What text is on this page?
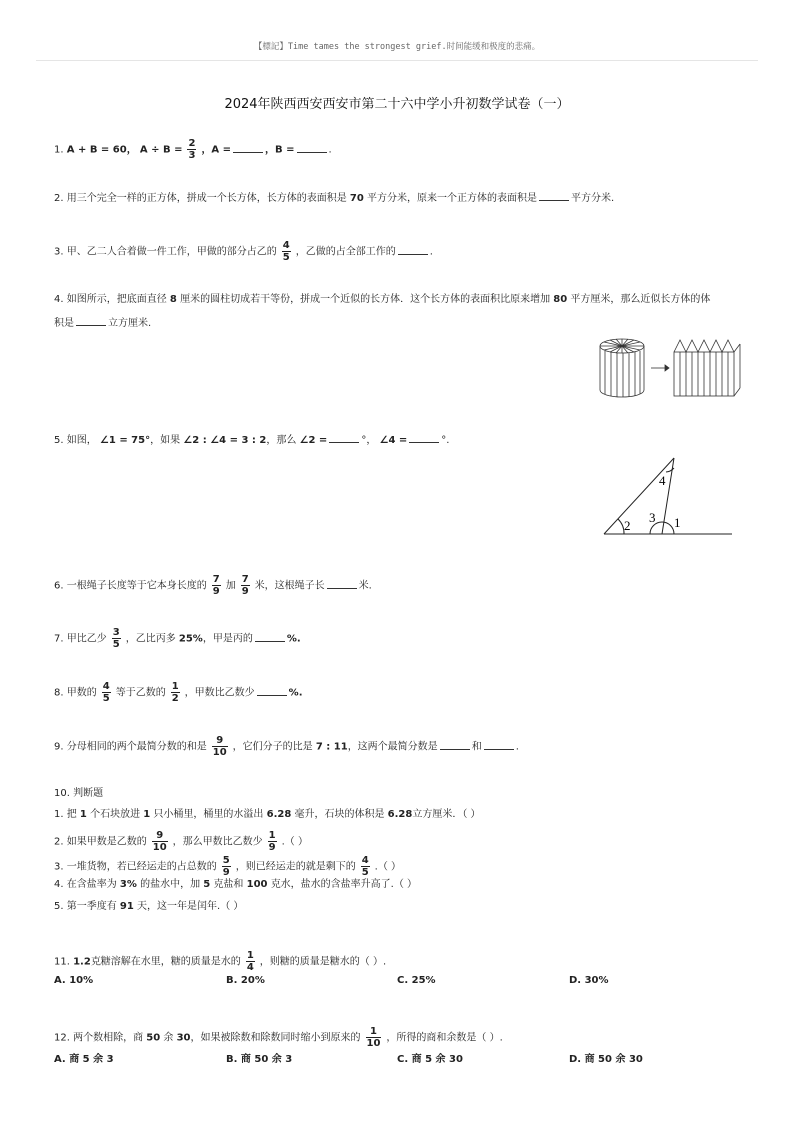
【標記】Time tames the strongest grief.时间能缓和极度的悲痛。
2024年陕西西安西安市第二十六中学小升初数学试卷（一）
1. A + B = 60， $A \div B = \frac{2}{3}$ ，A =	，B =	.
2. 用三个完全一样的正方体，拼成一个长方体，长方体的表面积是 70 平方分米，原来一个正方体的表面积是	平方分米.
3. 甲、乙二人合着做一件工作，甲做的部分占乙的 $\frac{4}{5}$ ，乙做的占全部工作的	.
4. 如图所示，把底面直径 8 厘米的圆柱切成若干等份，拼成一个近似的长方体．这个长方体的表面积比原来增加 80 平方厘米，那么近似长方体的体
积是	立方厘米.
5. 如图， ∠1 = 75°，如果 ∠2 : ∠4 = 3 : 2，那么 ∠2 =	°， ∠4 =	°.
2
3 1
4
6. 一根绳子长度等于它本身长度的 $\frac{7}{9}$ 加 $\frac{7}{9}$ 米，这根绳子长	米.
7. 甲比乙少 $\frac{3}{5}$ ，乙比丙多 25%，甲是丙的	%.
8. 甲数的 $\frac{4}{5}$ 等于乙数的 $\frac{1}{2}$ ，甲数比乙数少	%.
9. 分母相同的两个最简分数的和是 $\frac{9}{10}$ ，它们分子的比是 7 : 11，这两个最简分数是	和	.
10. 判断题
1. 把 1 个石块放进 1 只小桶里，桶里的水溢出 6.28 毫升，石块的体积是 6.28立方厘米．（ ）
2. 如果甲数是乙数的 $\frac{9}{10}$ ，那么甲数比乙数少 $\frac{1}{9}$ .（ ）
3. 一堆货物，若已经运走的占总数的 $\frac{5}{9}$ ，则已经运走的就是剩下的 $\frac{4}{5}$ .（ ）
4. 在含盐率为 3% 的盐水中，加 5 克盐和 100 克水，盐水的含盐率升高了.（ ）
5. 第一季度有 91 天，这一年是闰年.（ ）
11. 1.2克糖溶解在水里，糖的质量是水的 $\frac{1}{4}$ ，则糖的质量是糖水的（ ）.
A. 10%	B. 20%	C. 25%	D. 30%
12. 两个数相除，商 50 余 30，如果被除数和除数同时缩小到原来的 $\frac{1}{10}$ ，所得的商和余数是（ ）.
A. 商 5 余 3	B. 商 50 余 3	C. 商 5 余 30	D. 商 50 余 30
